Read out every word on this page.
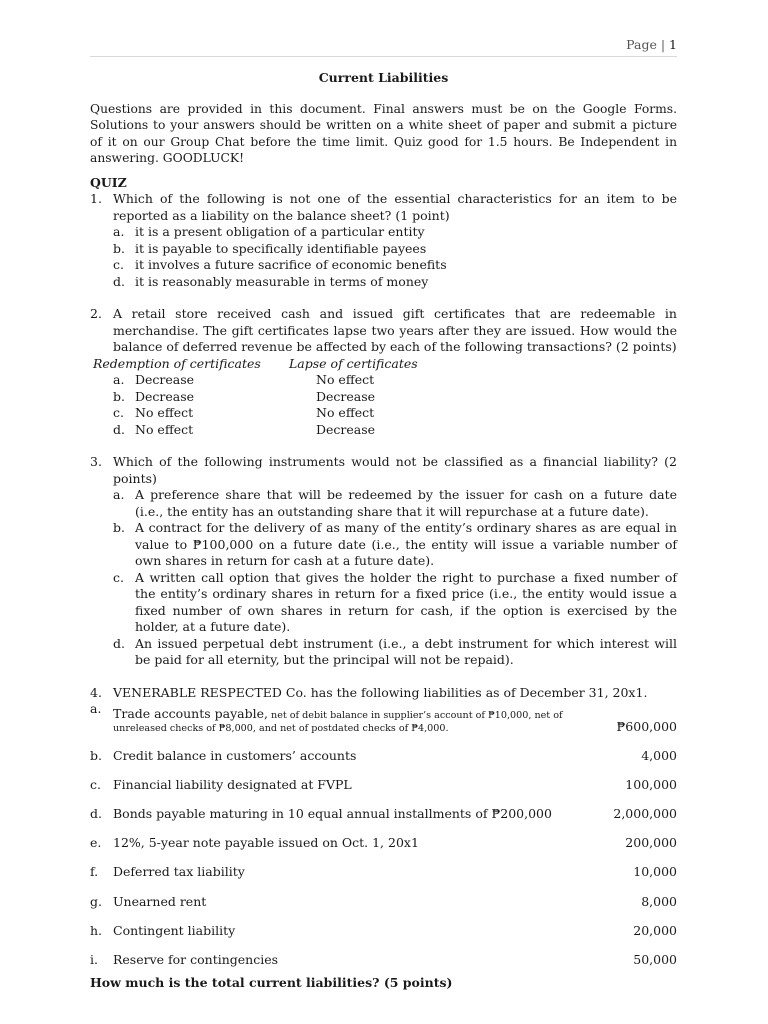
Page | 1
Current Liabilities
Questions are provided in this document. Final answers must be on the Google Forms. Solutions to your answers should be written on a white sheet of paper and submit a picture of it on our Group Chat before the time limit. Quiz good for 1.5 hours. Be Independent in answering. GOODLUCK!
QUIZ
1. Which of the following is not one of the essential characteristics for an item to be reported as a liability on the balance sheet? (1 point)
a. it is a present obligation of a particular entity
b. it is payable to specifically identifiable payees
c. it involves a future sacrifice of economic benefits
d. it is reasonably measurable in terms of money
2. A retail store received cash and issued gift certificates that are redeemable in merchandise. The gift certificates lapse two years after they are issued. How would the balance of deferred revenue be affected by each of the following transactions? (2 points)
Redemption of certificates	Lapse of certificates
a. Decrease	No effect
b. Decrease	Decrease
c. No effect	No effect
d. No effect	Decrease
3. Which of the following instruments would not be classified as a financial liability? (2 points)
a. A preference share that will be redeemed by the issuer for cash on a future date (i.e., the entity has an outstanding share that it will repurchase at a future date).
b. A contract for the delivery of as many of the entity’s ordinary shares as are equal in value to ₱100,000 on a future date (i.e., the entity will issue a variable number of own shares in return for cash at a future date).
c. A written call option that gives the holder the right to purchase a fixed number of the entity’s ordinary shares in return for a fixed price (i.e., the entity would issue a fixed number of own shares in return for cash, if the option is exercised by the holder, at a future date).
d. An issued perpetual debt instrument (i.e., a debt instrument for which interest will be paid for all eternity, but the principal will not be repaid).
4. VENERABLE RESPECTED Co. has the following liabilities as of December 31, 20x1.
a. Trade accounts payable, net of debit balance in supplier’s account of ₱10,000, net of
unreleased checks of ₱8,000, and net of postdated checks of ₱4,000.	₱600,000
b. Credit balance in customers’ accounts	4,000
c. Financial liability designated at FVPL	100,000
d. Bonds payable maturing in 10 equal annual installments of ₱200,000	2,000,000
e. 12%, 5-year note payable issued on Oct. 1, 20x1	200,000
f.	Deferred tax liability	10,000
g. Unearned rent	8,000
h. Contingent liability	20,000
i.	Reserve for contingencies	50,000
How much is the total current liabilities? (5 points)
